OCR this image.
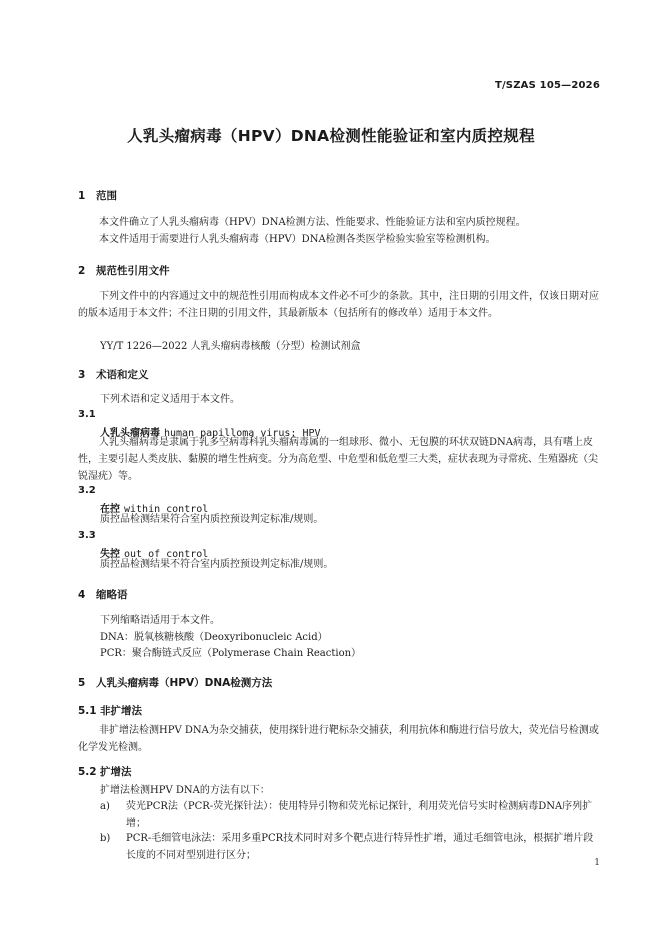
T/SZAS 105—2026
人乳头瘤病毒（HPV）DNA检测性能验证和室内质控规程
1 范围
本文件确立了人乳头瘤病毒（HPV）DNA检测方法、性能要求、性能验证方法和室内质控规程。
本文件适用于需要进行人乳头瘤病毒（HPV）DNA检测各类医学检验实验室等检测机构。
2 规范性引用文件
下列文件中的内容通过文中的规范性引用而构成本文件必不可少的条款。其中，注日期的引用文件，仅该日期对应的版本适用于本文件；不注日期的引用文件，其最新版本（包括所有的修改单）适用于本文件。
YY/T 1226—2022 人乳头瘤病毒核酸（分型）检测试剂盒
3 术语和定义
下列术语和定义适用于本文件。
3.1
人乳头瘤病毒 human papilloma virus; HPV
人乳头瘤病毒是隶属于乳多空病毒科乳头瘤病毒属的一组球形、微小、无包膜的环状双链DNA病毒，具有嗜上皮性，主要引起人类皮肤、黏膜的增生性病变。分为高危型、中危型和低危型三大类，症状表现为寻常疣、生殖器疣（尖锐湿疣）等。
3.2
在控 within control
质控品检测结果符合室内质控预设判定标准/规则。
3.3
失控 out of control
质控品检测结果不符合室内质控预设判定标准/规则。
4 缩略语
下列缩略语适用于本文件。
DNA：脱氧核糖核酸（Deoxyribonucleic Acid）
PCR：聚合酶链式反应（Polymerase Chain Reaction）
5 人乳头瘤病毒（HPV）DNA检测方法
5.1 非扩增法
非扩增法检测HPV DNA为杂交捕获，使用探针进行靶标杂交捕获，利用抗体和酶进行信号放大，荧光信号检测或化学发光检测。
5.2 扩增法
扩增法检测HPV DNA的方法有以下：
a)	荧光PCR法（PCR-荧光探针法）：使用特异引物和荧光标记探针，利用荧光信号实时检测病毒DNA序列扩增；
b)	PCR-毛细管电泳法：采用多重PCR技术同时对多个靶点进行特异性扩增，通过毛细管电泳，根据扩增片段长度的不同对型别进行区分；
1
